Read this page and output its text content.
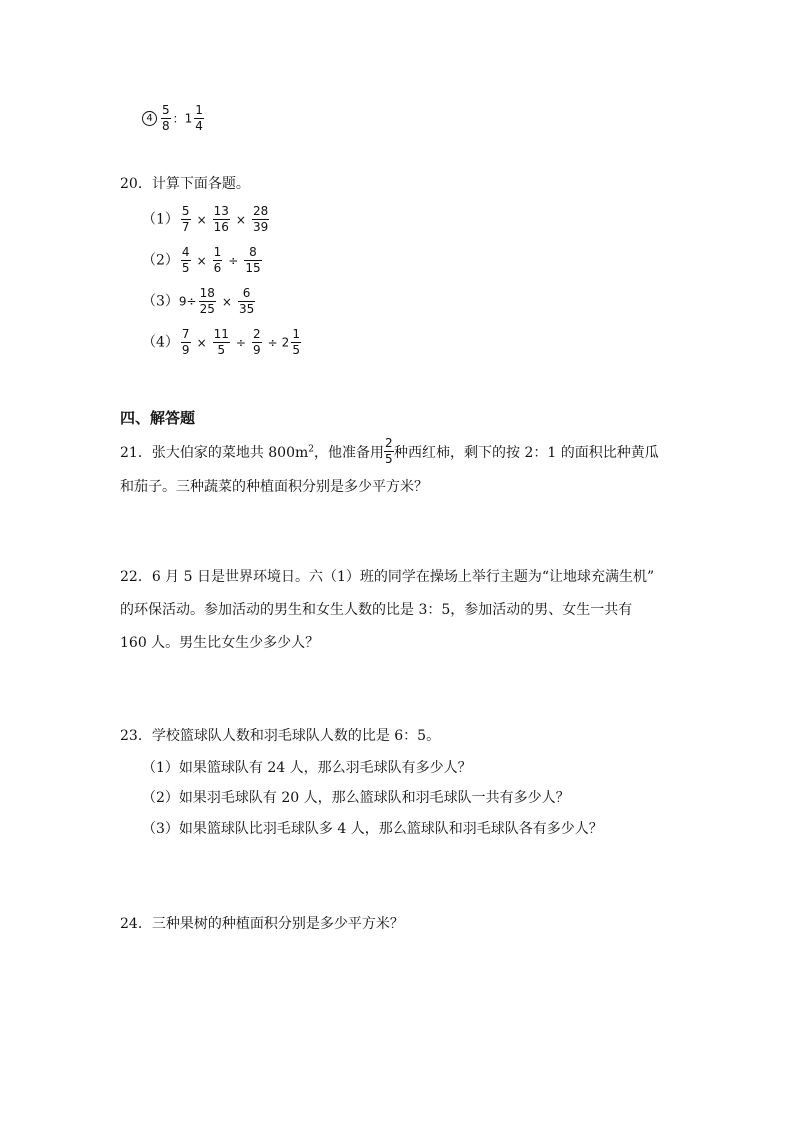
$4 \frac{5}{8}$ ：$1 \frac{1}{4}$
20．计算下面各题。
$(1) \frac{5}{7} \times \frac{13}{16} \times \frac{28}{39}$
$(2) \frac{4}{5} \times \frac{1}{6} \div \frac{8}{15}$
$(3)9\div \frac{18}{25} \times \frac{6}{35}$
$(4) \frac{7}{9} \times \frac{11}{5} \div \frac{2}{9} \div 2 \frac{1}{5}$
四、解答题
21．张大伯家的菜地共 $800m^2$，他准备用 $\frac{2}{5}$ 种西红柿，剩下的按 2：1 的面积比种黄瓜
和茄子。三种蔬菜的种植面积分别是多少平方米？
22．6 月 5 日是世界环境日。六（1）班的同学在操场上举行主题为“让地球充满生机”
的环保活动。参加活动的男生和女生人数的比是 3：5，参加活动的男、女生一共有
160 人。男生比女生少多少人？
23．学校篮球队人数和羽毛球队人数的比是 6：5。
（1）如果篮球队有 24 人，那么羽毛球队有多少人？
（2）如果羽毛球队有 20 人，那么篮球队和羽毛球队一共有多少人？
（3）如果篮球队比羽毛球队多 4 人，那么篮球队和羽毛球队各有多少人？
24．三种果树的种植面积分别是多少平方米？
